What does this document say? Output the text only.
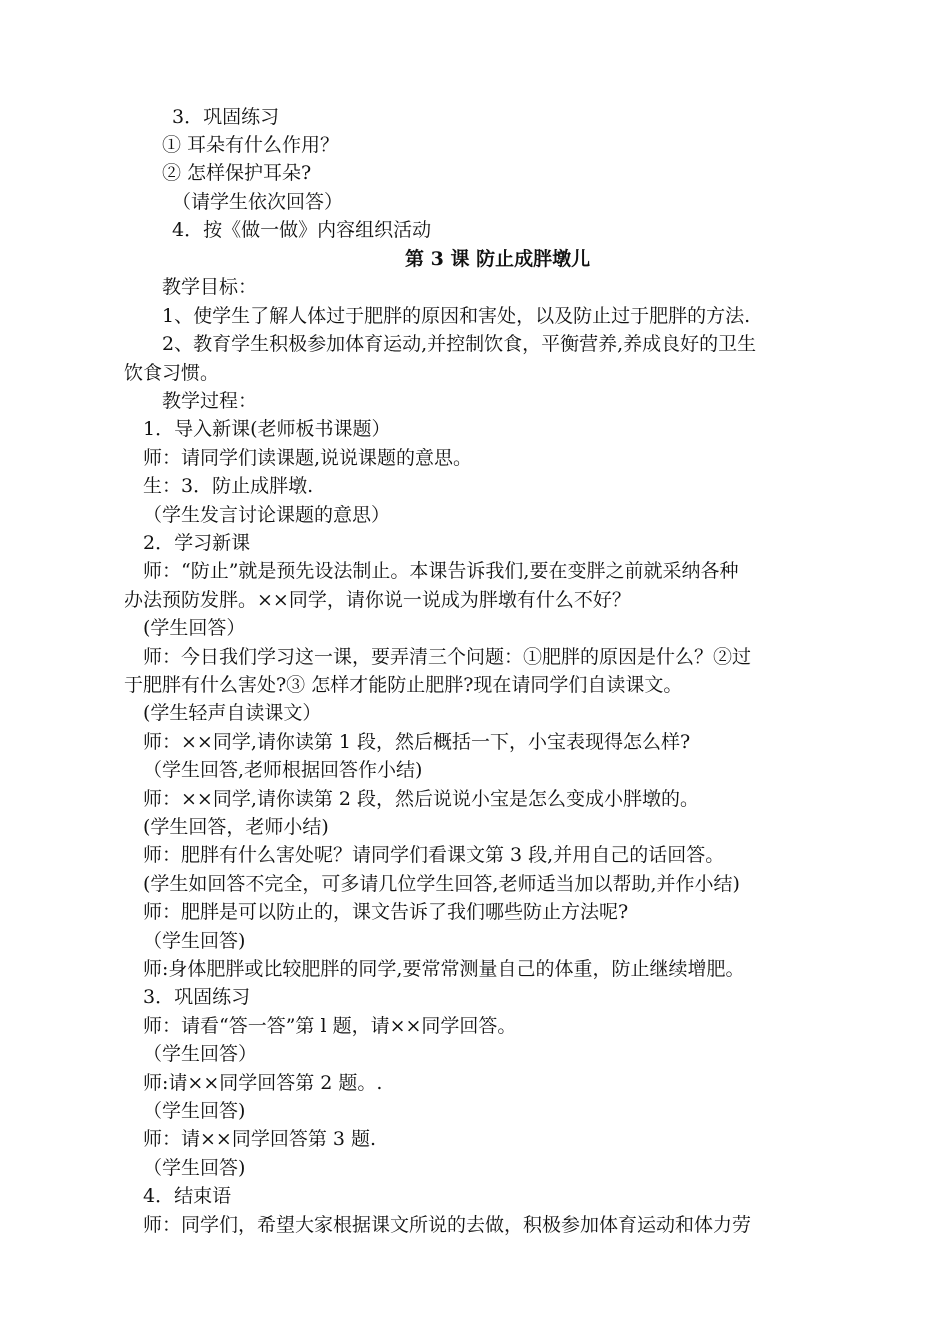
3．巩固练习

① 耳朵有什么作用？

② 怎样保护耳朵?

（请学生依次回答）

4．按《做一做》内容组织活动

第 3 课 防止成胖墩儿

教学目标：

1、使学生了解人体过于肥胖的原因和害处，以及防止过于肥胖的方法.

2、教育学生积极参加体育运动,并控制饮食，平衡营养,养成良好的卫生

饮食习惯。

教学过程：

1．导入新课(老师板书课题）

师：请同学们读课题,说说课题的意思。

生：3．防止成胖墩.

（学生发言讨论课题的意思）

2．学习新课

师：“防止”就是预先设法制止。本课告诉我们,要在变胖之前就采纳各种

办法预防发胖。××同学，请你说一说成为胖墩有什么不好？

(学生回答）

师：今日我们学习这一课，要弄清三个问题：①肥胖的原因是什么？②过

于肥胖有什么害处?③ 怎样才能防止肥胖?现在请同学们自读课文。

(学生轻声自读课文）

师：××同学,请你读第 1 段，然后概括一下，小宝表现得怎么样?

（学生回答,老师根据回答作小结)

师：××同学,请你读第 2 段，然后说说小宝是怎么变成小胖墩的。

(学生回答，老师小结)

师：肥胖有什么害处呢？请同学们看课文第 3 段,并用自己的话回答。

(学生如回答不完全，可多请几位学生回答,老师适当加以帮助,并作小结)

师：肥胖是可以防止的，课文告诉了我们哪些防止方法呢?

（学生回答)

师:身体肥胖或比较肥胖的同学,要常常测量自己的体重，防止继续增肥。

3．巩固练习

师：请看“答一答”第 l 题，请××同学回答。

（学生回答）

师:请××同学回答第 2 题。.

（学生回答)

师：请××同学回答第 3 题.

（学生回答)

4．结束语

师：同学们，希望大家根据课文所说的去做，积极参加体育运动和体力劳
